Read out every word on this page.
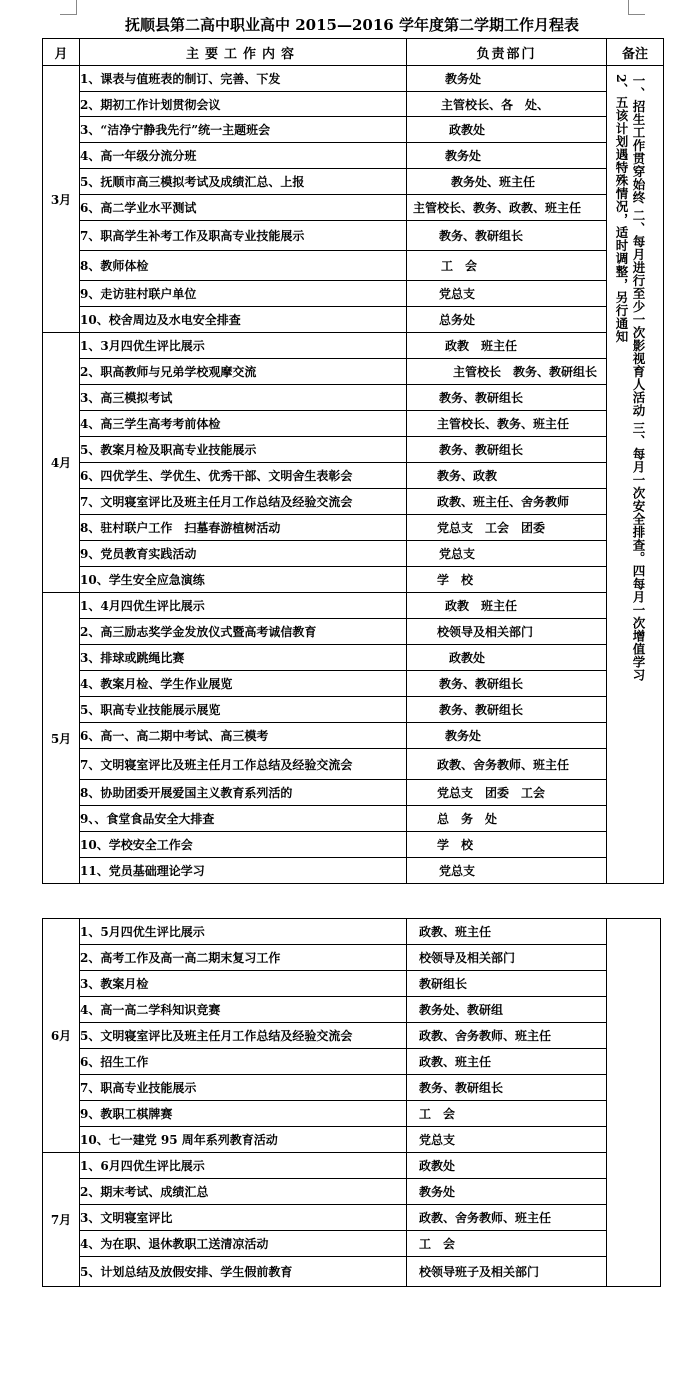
抚顺县第二高中职业高中 2015—2016 学年度第二学期工作月程表
月	主要工作内容	负责部门	备注
3月	1、课表与值班表的制订、完善、下发	教务处	一、招生工作贯穿始终 二、每月进行至少一次影视育人活动 三、每月一次安全排查。四每月一次增值学习
2、五该计划遇特殊情况，适时调整，另行通知

	2、期初工作计划贯彻会议	主管校长、各　处、	
	3、“洁净宁静我先行”统一主题班会	政教处	
	4、高一年级分流分班	教务处	
	5、抚顺市高三模拟考试及成绩汇总、上报	教务处、班主任	
	6、高二学业水平测试	主管校长、教务、政教、班主任	
	7、职高学生补考工作及职高专业技能展示	教务、教研组长	
	8、教师体检	工　会	
	9、走访驻村联户单位	党总支	
	10、校舍周边及水电安全排查	总务处	
4月	1、3月四优生评比展示	政教　班主任	
	2、职高教师与兄弟学校观摩交流	主管校长　教务、教研组长	
	3、高三模拟考试	教务、教研组长	
	4、高三学生高考考前体检	主管校长、教务、班主任	
	5、教案月检及职高专业技能展示	教务、教研组长	
	6、四优学生、学优生、优秀干部、文明舍生表彰会	教务、政教	
	7、文明寝室评比及班主任月工作总结及经验交流会	政教、班主任、舍务教师	
	8、驻村联户工作　扫墓春游植树活动	党总支　工会　团委	
	9、党员教育实践活动	党总支	
	10、学生安全应急演练	学　校	
5月	1、4月四优生评比展示	政教　班主任	
	2、高三励志奖学金发放仪式暨高考诚信教育	校领导及相关部门	
	3、排球或跳绳比赛	政教处	
	4、教案月检、学生作业展览	教务、教研组长	
	5、职高专业技能展示展览	教务、教研组长	
	6、高一、高二期中考试、高三模考	教务处	
	7、文明寝室评比及班主任月工作总结及经验交流会	政教、舍务教师、班主任	
	8、协助团委开展爱国主义教育系列活的	党总支　团委　工会	
	9、、食堂食品安全大排查	总　务　处	
	10、学校安全工作会	学　校	
	11、党员基础理论学习	党总支	
6月	1、5月四优生评比展示	政教、班主任	
	2、高考工作及高一高二期末复习工作	校领导及相关部门	
	3、教案月检	教研组长	
	4、高一高二学科知识竞赛	教务处、教研组	
	5、文明寝室评比及班主任月工作总结及经验交流会	政教、舍务教师、班主任	
	6、招生工作	政教、班主任	
	7、职高专业技能展示	教务、教研组长	
	9、教职工棋牌赛	工　会	
	10、七一建党 95 周年系列教育活动	党总支	
7月	1、6月四优生评比展示	政教处	
	2、期末考试、成绩汇总	教务处	
	3、文明寝室评比	政教、舍务教师、班主任	
	4、为在职、退休教职工送清凉活动	工　会	
	5、计划总结及放假安排、学生假前教育	校领导班子及相关部门	
